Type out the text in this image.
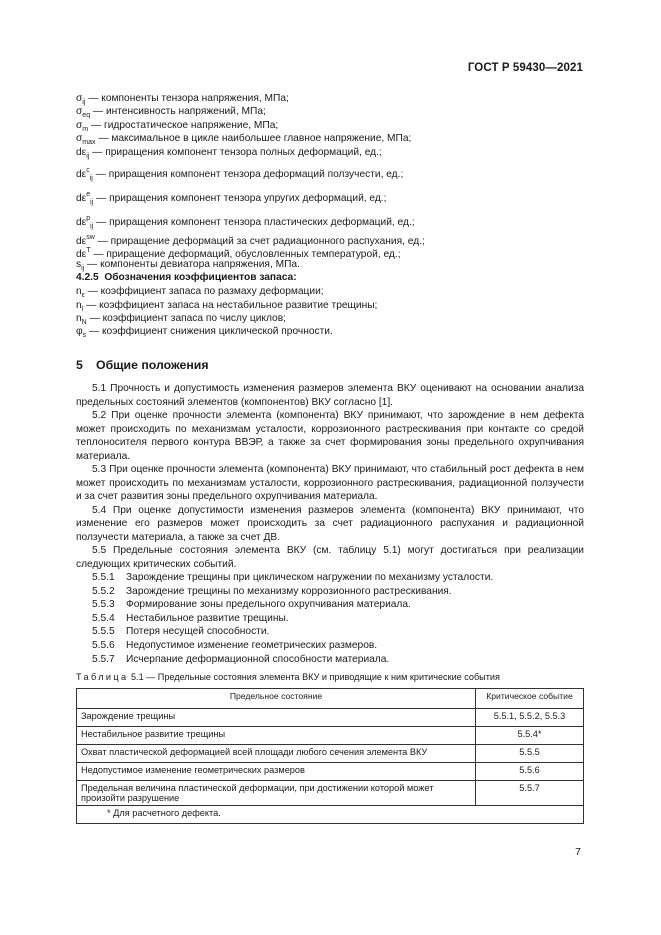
ГОСТ Р 59430—2021
$\sigma_{ij}$ — компоненты тензора напряжения, МПа;
$\sigma_{eq}$ — интенсивность напряжений, МПа;
$\sigma_m$ — гидростатическое напряжение, МПа;
$\sigma_{max}$ — максимальное в цикле наибольшее главное напряжение, МПа;
$d\varepsilon_{ij}$ — приращения компонент тензора полных деформаций, ед.;
$d\varepsilon^c_{ij}$ — приращения компонент тензора деформаций ползучести, ед.;
$d\varepsilon^e_{ij}$ — приращения компонент тензора упругих деформаций, ед.;
$d\varepsilon^p_{ij}$ — приращения компонент тензора пластических деформаций, ед.;
$d\varepsilon^{sw}$ — приращение деформаций за счет радиационного распухания, ед.;
$d\varepsilon^T$ — приращение деформаций, обусловленных температурой, ед.;
$s_{ij}$ — компоненты девиатора напряжения, МПа.
4.2.5 Обозначения коэффициентов запаса:
$n_\varepsilon$ — коэффициент запаса по размаху деформации;
$n_l$ — коэффициент запаса на нестабильное развитие трещины;
$n_N$ — коэффициент запаса по числу циклов;
$\varphi_s$ — коэффициент снижения циклической прочности.
5 Общие положения

5.1 Прочность и допустимость изменения размеров элемента ВКУ оценивают на основании анализа предельных состояний элементов (компонентов) ВКУ согласно [1].

5.2 При оценке прочности элемента (компонента) ВКУ принимают, что зарождение в нем дефекта может происходить по механизмам усталости, коррозионного растрескивания при контакте со средой теплоносителя первого контура ВВЭР, а также за счет формирования зоны предельного охрупчивания материала.

5.3 При оценке прочности элемента (компонента) ВКУ принимают, что стабильный рост дефекта в нем может происходить по механизмам усталости, коррозионного растрескивания, радиационной ползучести и за счет развития зоны предельного охрупчивания материала.

5.4 При оценке допустимости изменения размеров элемента (компонента) ВКУ принимают, что изменение его размеров может происходить за счет радиационного распухания и радиационной ползучести материала, а также за счет ДВ.

5.5 Предельные состояния элемента ВКУ (см. таблицу 5.1) могут достигаться при реализации следующих критических событий.

5.5.1 Зарождение трещины при циклическом нагружении по механизму усталости.
5.5.2 Зарождение трещины по механизму коррозионного растрескивания.
5.5.3 Формирование зоны предельного охрупчивания материала.
5.5.4 Нестабильное развитие трещины.
5.5.5 Потеря несущей способности.
5.5.6 Недопустимое изменение геометрических размеров.
5.5.7 Исчерпание деформационной способности материала.
Таблица 5.1 — Предельные состояния элемента ВКУ и приводящие к ним критические события
Предельное состояние	Критическое событие
Зарождение трещины	5.5.1, 5.5.2, 5.5.3
Нестабильное развитие трещины	5.5.4*
Охват пластической деформацией всей площади любого сечения элемента ВКУ	5.5.5
Недопустимое изменение геометрических размеров	5.5.6
Предельная величина пластической деформации, при достижении которой может произойти разрушение	5.5.7
* Для расчетного дефекта.	
7
